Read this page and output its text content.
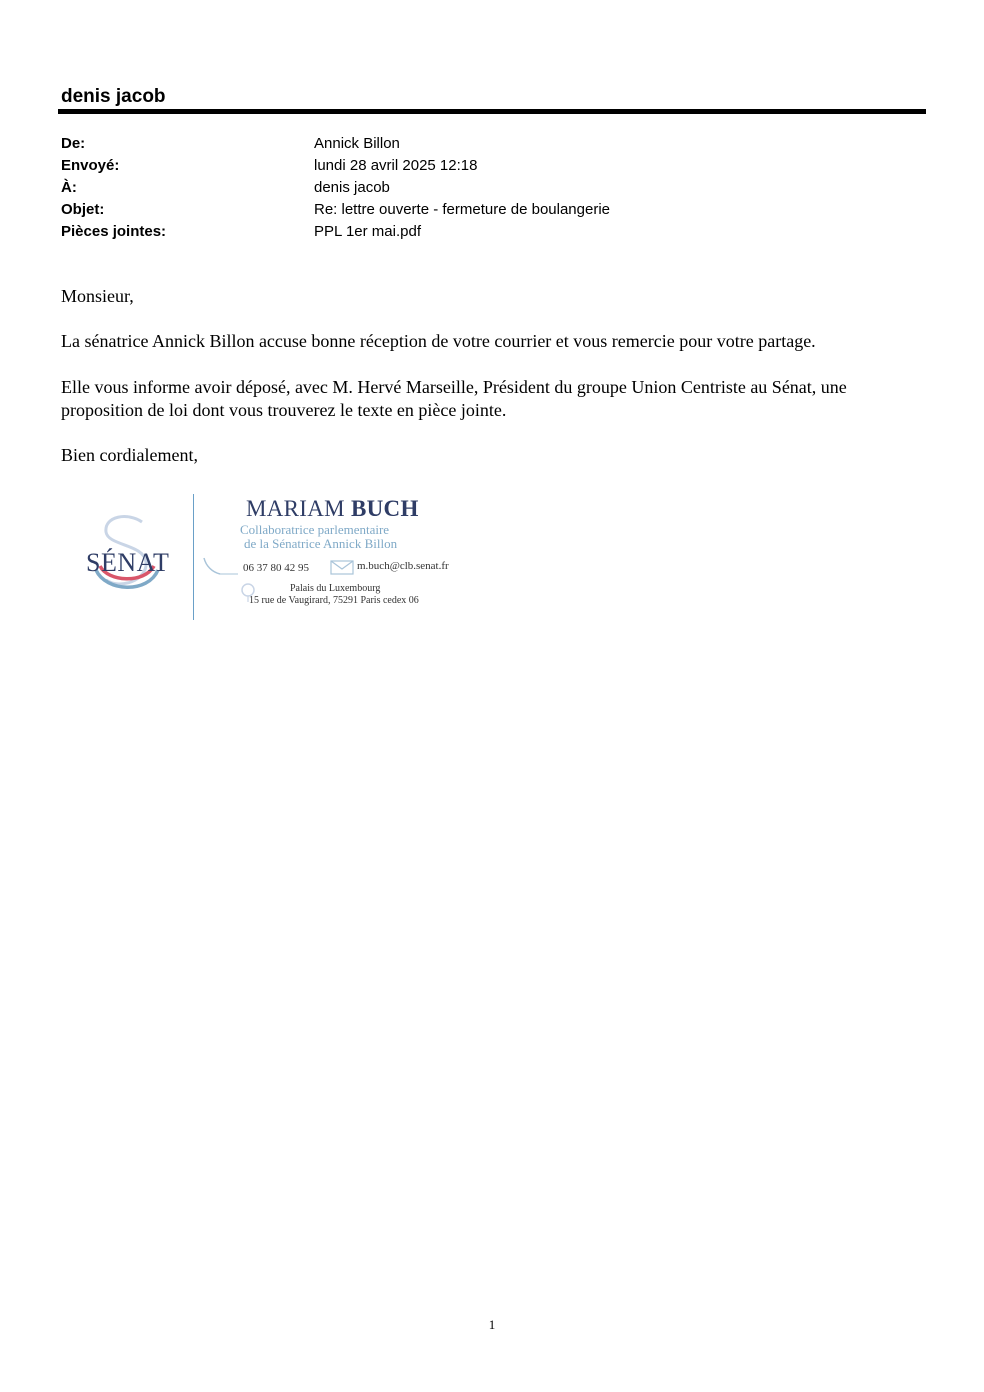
denis jacob
De:	Annick Billon
Envoyé:	lundi 28 avril 2025 12:18
À:	denis jacob
Objet:	Re: lettre ouverte - fermeture de boulangerie
Pièces jointes:	PPL 1er mai.pdf

Monsieur,

La sénatrice Annick Billon accuse bonne réception de votre courrier et vous remercie pour votre partage.

Elle vous informe avoir déposé, avec M. Hervé Marseille, Président du groupe Union Centriste au Sénat, une proposition de loi dont vous trouverez le texte en pièce jointe.

Bien cordialement,

SÉNAT
MARIAM BUCH
Collaboratrice parlementaire
de la Sénatrice Annick Billon
06 37 80 42 95	m.buch@clb.senat.fr
Palais du Luxembourg
15 rue de Vaugirard, 75291 Paris cedex 06
1
